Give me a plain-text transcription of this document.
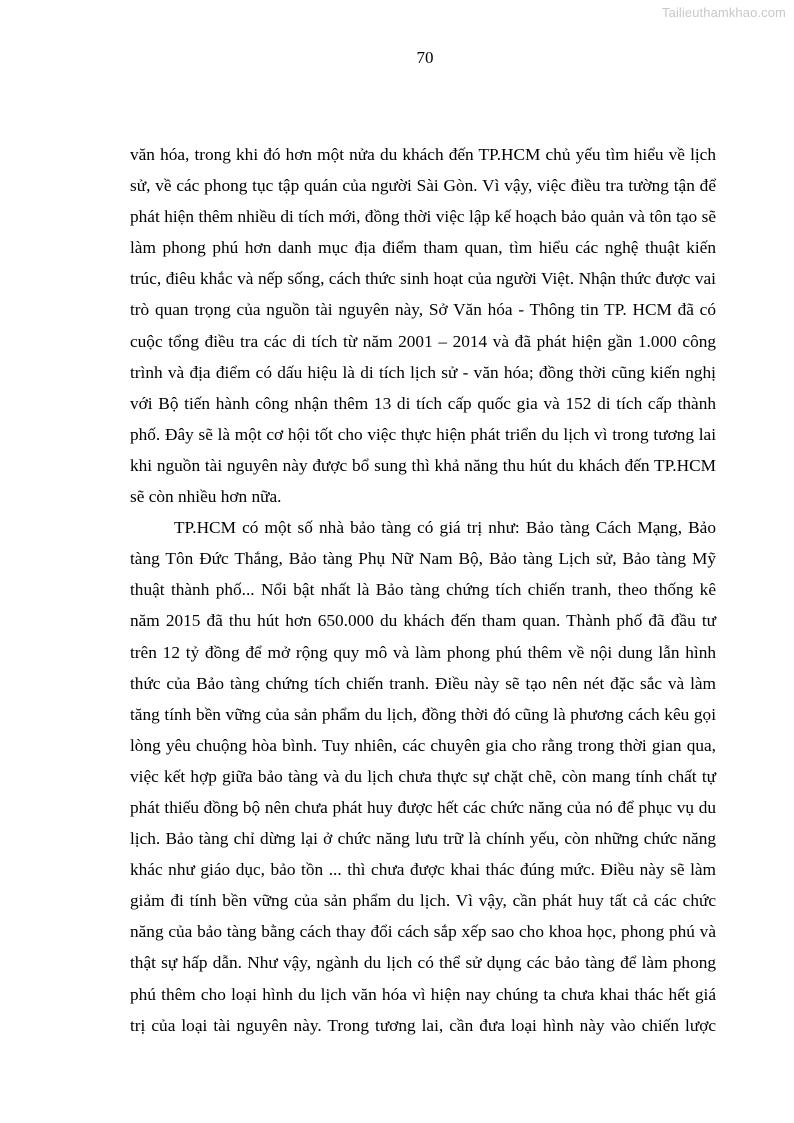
Tailieuthamkhao.com
70
văn hóa, trong khi đó hơn một nửa du khách đến TP.HCM chủ yếu tìm hiểu về lịch
sử, về các phong tục tập quán của người Sài Gòn. Vì vậy, việc điều tra tường tận để
phát hiện thêm nhiều di tích mới, đồng thời việc lập kế hoạch bảo quản và tôn tạo sẽ
làm phong phú hơn danh mục địa điểm tham quan, tìm hiểu các nghệ thuật kiến
trúc, điêu khắc và nếp sống, cách thức sinh hoạt của người Việt. Nhận thức được vai
trò quan trọng của nguồn tài nguyên này, Sở Văn hóa - Thông tin TP. HCM đã có
cuộc tổng điều tra các di tích từ năm 2001 – 2014 và đã phát hiện gần 1.000 công
trình và địa điểm có dấu hiệu là di tích lịch sử - văn hóa; đồng thời cũng kiến nghị
với Bộ tiến hành công nhận thêm 13 di tích cấp quốc gia và 152 di tích cấp thành
phố. Đây sẽ là một cơ hội tốt cho việc thực hiện phát triển du lịch vì trong tương lai
khi nguồn tài nguyên này được bổ sung thì khả năng thu hút du khách đến TP.HCM
sẽ còn nhiều hơn nữa.
TP.HCM có một số nhà bảo tàng có giá trị như: Bảo tàng Cách Mạng, Bảo
tàng Tôn Đức Thắng, Bảo tàng Phụ Nữ Nam Bộ, Bảo tàng Lịch sử, Bảo tàng Mỹ
thuật thành phố... Nổi bật nhất là Bảo tàng chứng tích chiến tranh, theo thống kê
năm 2015 đã thu hút hơn 650.000 du khách đến tham quan. Thành phố đã đầu tư
trên 12 tỷ đồng để mở rộng quy mô và làm phong phú thêm về nội dung lẫn hình
thức của Bảo tàng chứng tích chiến tranh. Điều này sẽ tạo nên nét đặc sắc và làm
tăng tính bền vững của sản phẩm du lịch, đồng thời đó cũng là phương cách kêu gọi
lòng yêu chuộng hòa bình. Tuy nhiên, các chuyên gia cho rằng trong thời gian qua,
việc kết hợp giữa bảo tàng và du lịch chưa thực sự chặt chẽ, còn mang tính chất tự
phát thiếu đồng bộ nên chưa phát huy được hết các chức năng của nó để phục vụ du
lịch. Bảo tàng chỉ dừng lại ở chức năng lưu trữ là chính yếu, còn những chức năng
khác như giáo dục, bảo tồn ... thì chưa được khai thác đúng mức. Điều này sẽ làm
giảm đi tính bền vững của sản phẩm du lịch. Vì vậy, cần phát huy tất cả các chức
năng của bảo tàng bằng cách thay đổi cách sắp xếp sao cho khoa học, phong phú và
thật sự hấp dẫn. Như vậy, ngành du lịch có thể sử dụng các bảo tàng để làm phong
phú thêm cho loại hình du lịch văn hóa vì hiện nay chúng ta chưa khai thác hết giá
trị của loại tài nguyên này. Trong tương lai, cần đưa loại hình này vào chiến lược
